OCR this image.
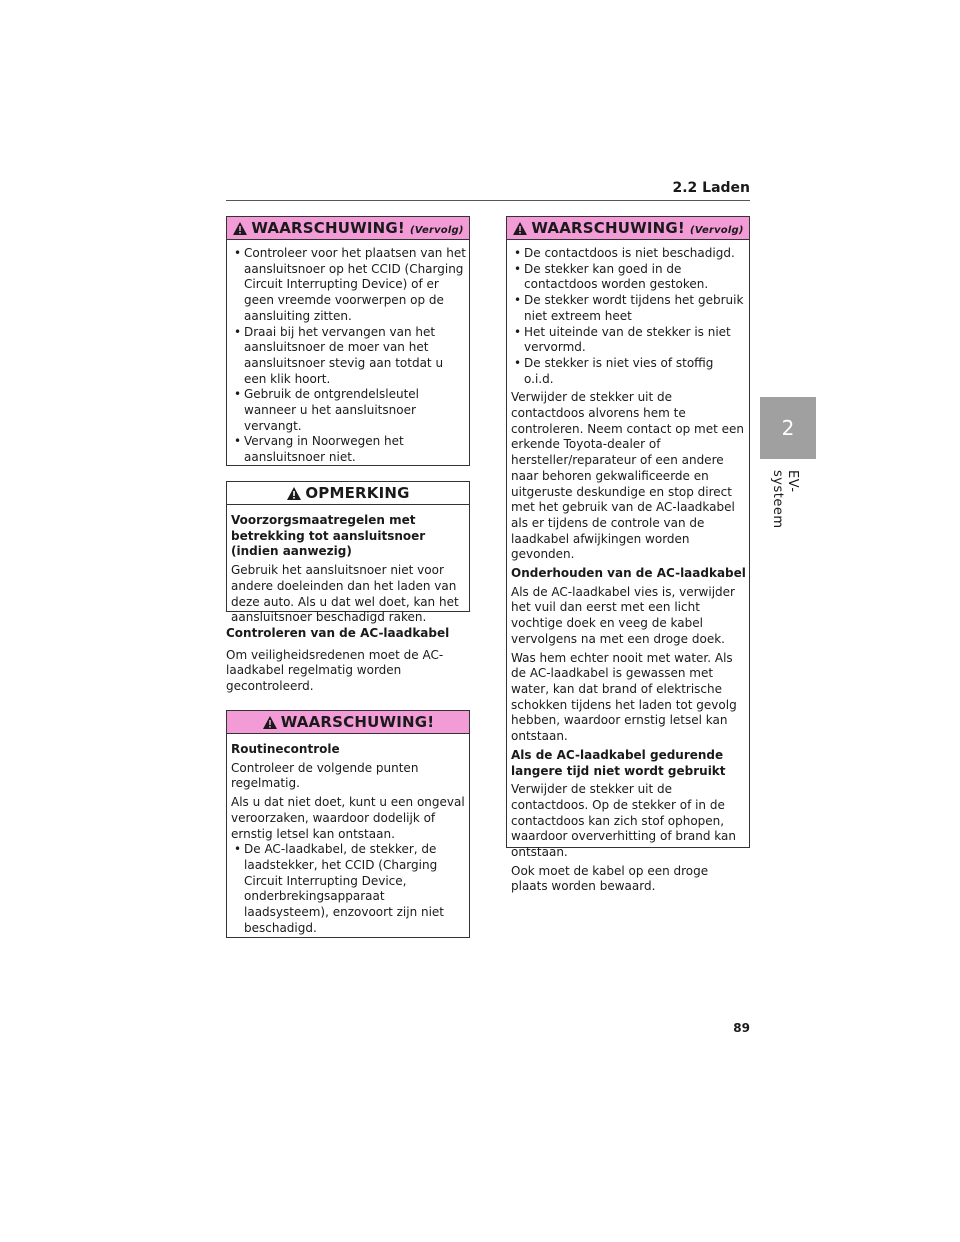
2.2 Laden
2
EV-systeem
WAARSCHUWING! (Vervolg)
• Controleer voor het plaatsen van het aansluitsnoer op het CCID (Charging Circuit Interrupting Device) of er geen vreemde voorwerpen op de aansluiting zitten.
• Draai bij het vervangen van het aansluitsnoer de moer van het aansluitsnoer stevig aan totdat u een klik hoort.
• Gebruik de ontgrendelsleutel wanneer u het aansluitsnoer vervangt.
• Vervang in Noorwegen het aansluitsnoer niet.
OPMERKING

Voorzorgsmaatregelen met betrekking tot aansluitsnoer (indien aanwezig)

Gebruik het aansluitsnoer niet voor andere doeleinden dan het laden van deze auto. Als u dat wel doet, kan het aansluitsnoer beschadigd raken.

Controleren van de AC-laadkabel

Om veiligheidsredenen moet de AC-laadkabel regelmatig worden gecontroleerd.

WAARSCHUWING!

Routinecontrole

Controleer de volgende punten regelmatig.

Als u dat niet doet, kunt u een ongeval veroorzaken, waardoor dodelijk of ernstig letsel kan ontstaan.

• De AC-laadkabel, de stekker, de laadstekker, het CCID (Charging Circuit Interrupting Device, onderbrekingsapparaat laadsysteem), enzovoort zijn niet beschadigd.
WAARSCHUWING! (Vervolg)
• De contactdoos is niet beschadigd.
• De stekker kan goed in de contactdoos worden gestoken.
• De stekker wordt tijdens het gebruik niet extreem heet
• Het uiteinde van de stekker is niet vervormd.
• De stekker is niet vies of stoffig o.i.d.

Verwijder de stekker uit de contactdoos alvorens hem te controleren. Neem contact op met een erkende Toyota-dealer of hersteller/reparateur of een andere naar behoren gekwalificeerde en uitgeruste deskundige en stop direct met het gebruik van de AC-laadkabel als er tijdens de controle van de laadkabel afwijkingen worden gevonden.

Onderhouden van de AC-laadkabel

Als de AC-laadkabel vies is, verwijder het vuil dan eerst met een licht vochtige doek en veeg de kabel vervolgens na met een droge doek.

Was hem echter nooit met water. Als de AC-laadkabel is gewassen met water, kan dat brand of elektrische schokken tijdens het laden tot gevolg hebben, waardoor ernstig letsel kan ontstaan.

Als de AC-laadkabel gedurende langere tijd niet wordt gebruikt

Verwijder de stekker uit de contactdoos. Op de stekker of in de contactdoos kan zich stof ophopen, waardoor oververhitting of brand kan ontstaan.

Ook moet de kabel op een droge plaats worden bewaard.

89
